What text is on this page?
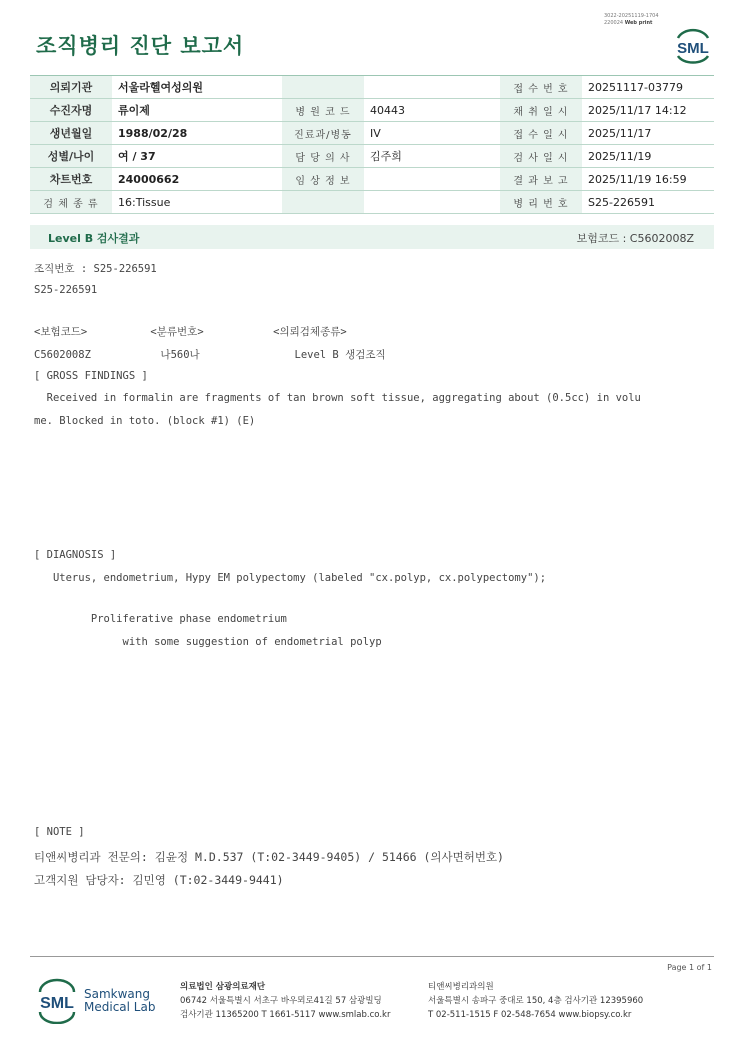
조직병리 진단 보고서
3022-20251119-1704
220024 Web print
SML
의뢰기관	서울라헬여성의원			접 수 번 호	20251117-03779
수진자명	류이제	병 원 코 드	40443	채 취 일 시	2025/11/17 14:12
생년월일	1988/02/28	진료과/병동	IV	접 수 일 시	2025/11/17
성별/나이	여 / 37	담 당 의 사	김주희	검 사 일 시	2025/11/19
차트번호	24000662	임 상 정 보		결 과 보 고	2025/11/19 16:59
검 체 종 류	16:Tissue			병 리 번 호	S25-226591
Level B 검사결과	보험코드 : C5602008Z
조직번호 : S25-226591
S25-226591
<보험코드>          <분류번호>           <의뢰검체종류>
C5602008Z           나560나               Level B 생검조직
[ GROSS FINDINGS ]
Received in formalin are fragments of tan brown soft tissue, aggregating about (0.5cc) in volu
me. Blocked in toto. (block #1) (E)
[ DIAGNOSIS ]
Uterus, endometrium, Hypy EM polypectomy (labeled "cx.polyp, cx.polypectomy");
Proliferative phase endometrium
with some suggestion of endometrial polyp
[ NOTE ]
티앤씨병리과 전문의: 김윤정 M.D.537 (T:02-3449-9405) / 51466 (의사면허번호)
고객지원 담당자: 김민영 (T:02-3449-9441)
Page 1 of 1
SML
Samkwang
Medical Lab
의료법인 삼광의료재단
06742 서울특별시 서초구 바우뫼로41길 57 삼광빌딩
검사기관 11365200 T 1661-5117 www.smlab.co.kr
티앤씨병리과의원
서울특별시 송파구 중대로 150, 4층 검사기관 12395960
T 02-511-1515 F 02-548-7654 www.biopsy.co.kr
